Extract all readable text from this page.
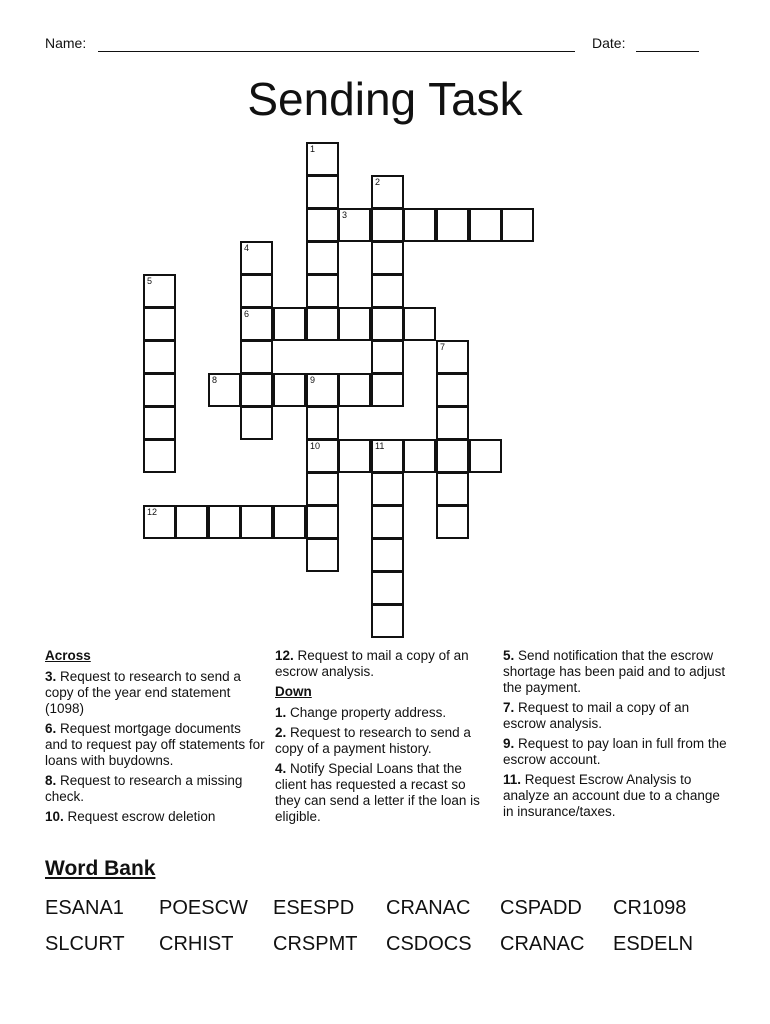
Name:	Date:
Sending Task
3
6
8	9
10	11
12
1
2
4
5
7
Across
3. Request to research to send a copy of the year end statement (1098)
6. Request mortgage documents and to request pay off statements for loans with buydowns.
8. Request to research a missing check.
10. Request escrow deletion
12. Request to mail a copy of an escrow analysis.
Down
1. Change property address.
2. Request to research to send a copy of a payment history.
4. Notify Special Loans that the client has requested a recast so they can send a letter if the loan is eligible.
5. Send notification that the escrow shortage has been paid and to adjust the payment.
7. Request to mail a copy of an escrow analysis.
9. Request to pay loan in full from the escrow account.
11. Request Escrow Analysis to analyze an account due to a change in insurance/taxes.
Word Bank
ESANA1 POESCW ESESPD CRANAC CSPADD CR1098
SLCURT CRHIST CRSPMT CSDOCS CRANAC ESDELN
